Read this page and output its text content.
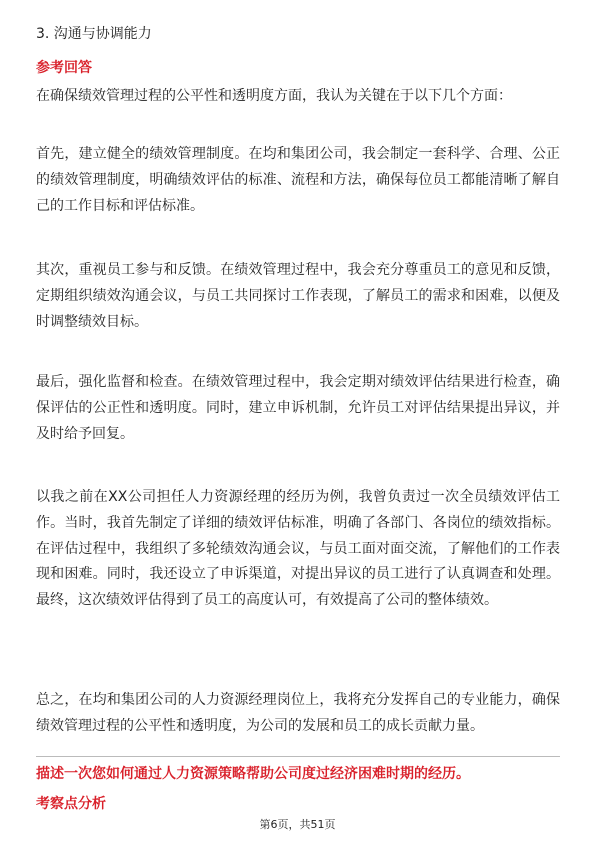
3. 沟通与协调能力
参考回答
在确保绩效管理过程的公平性和透明度方面，我认为关键在于以下几个方面：
首先，建立健全的绩效管理制度。在均和集团公司，我会制定一套科学、合理、公正的绩效管理制度，明确绩效评估的标准、流程和方法，确保每位员工都能清晰了解自己的工作目标和评估标准。
其次，重视员工参与和反馈。在绩效管理过程中，我会充分尊重员工的意见和反馈，定期组织绩效沟通会议，与员工共同探讨工作表现，了解员工的需求和困难，以便及时调整绩效目标。
最后，强化监督和检查。在绩效管理过程中，我会定期对绩效评估结果进行检查，确保评估的公正性和透明度。同时，建立申诉机制，允许员工对评估结果提出异议，并及时给予回复。
以我之前在XX公司担任人力资源经理的经历为例，我曾负责过一次全员绩效评估工作。当时，我首先制定了详细的绩效评估标准，明确了各部门、各岗位的绩效指标。在评估过程中，我组织了多轮绩效沟通会议，与员工面对面交流，了解他们的工作表现和困难。同时，我还设立了申诉渠道，对提出异议的员工进行了认真调查和处理。最终，这次绩效评估得到了员工的高度认可，有效提高了公司的整体绩效。
总之，在均和集团公司的人力资源经理岗位上，我将充分发挥自己的专业能力，确保绩效管理过程的公平性和透明度，为公司的发展和员工的成长贡献力量。
描述一次您如何通过人力资源策略帮助公司度过经济困难时期的经历。
考察点分析
第6页，共51页
